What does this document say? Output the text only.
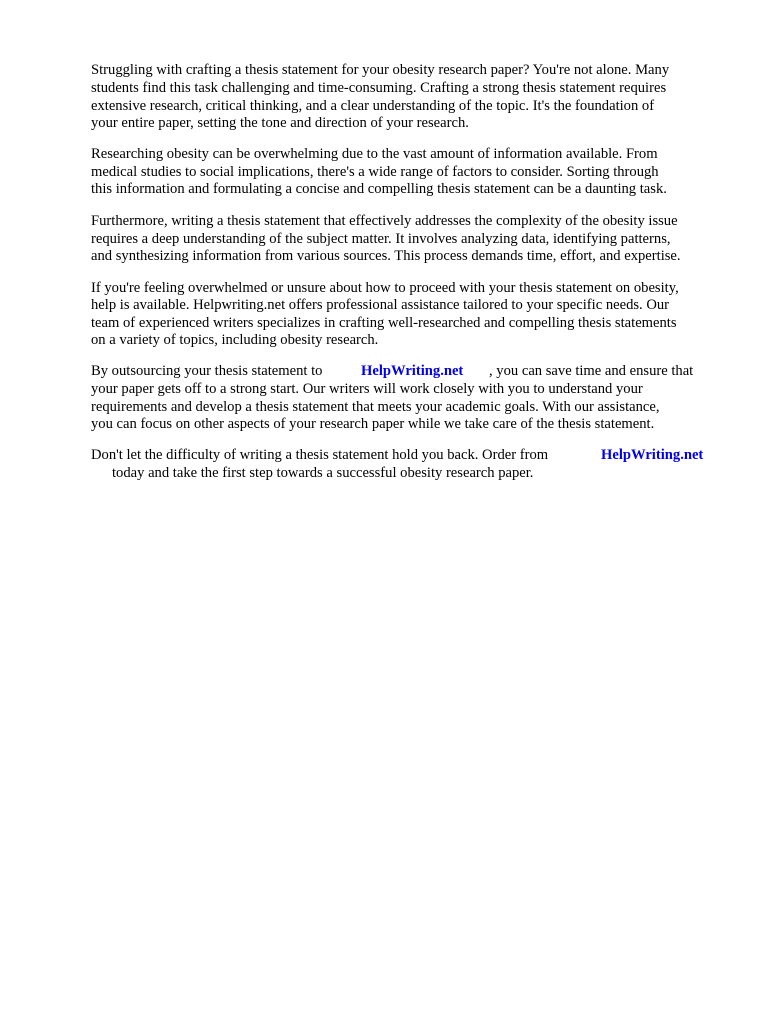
Struggling with crafting a thesis statement for your obesity research paper? You're not alone. Many
students find this task challenging and time-consuming. Crafting a strong thesis statement requires
extensive research, critical thinking, and a clear understanding of the topic. It's the foundation of
your entire paper, setting the tone and direction of your research.
Researching obesity can be overwhelming due to the vast amount of information available. From
medical studies to social implications, there's a wide range of factors to consider. Sorting through
this information and formulating a concise and compelling thesis statement can be a daunting task.
Furthermore, writing a thesis statement that effectively addresses the complexity of the obesity issue
requires a deep understanding of the subject matter. It involves analyzing data, identifying patterns,
and synthesizing information from various sources. This process demands time, effort, and expertise.
If you're feeling overwhelmed or unsure about how to proceed with your thesis statement on obesity,
help is available. Helpwriting.net offers professional assistance tailored to your specific needs. Our
team of experienced writers specializes in crafting well-researched and compelling thesis statements
on a variety of topics, including obesity research.
By outsourcing your thesis statement to	HelpWriting.net , you can save time and ensure that
your paper gets off to a strong start. Our writers will work closely with you to understand your
requirements and develop a thesis statement that meets your academic goals. With our assistance,
you can focus on other aspects of your research paper while we take care of the thesis statement.
Don't let the difficulty of writing a thesis statement hold you back. Order from	HelpWriting.net
today and take the first step towards a successful obesity research paper.
